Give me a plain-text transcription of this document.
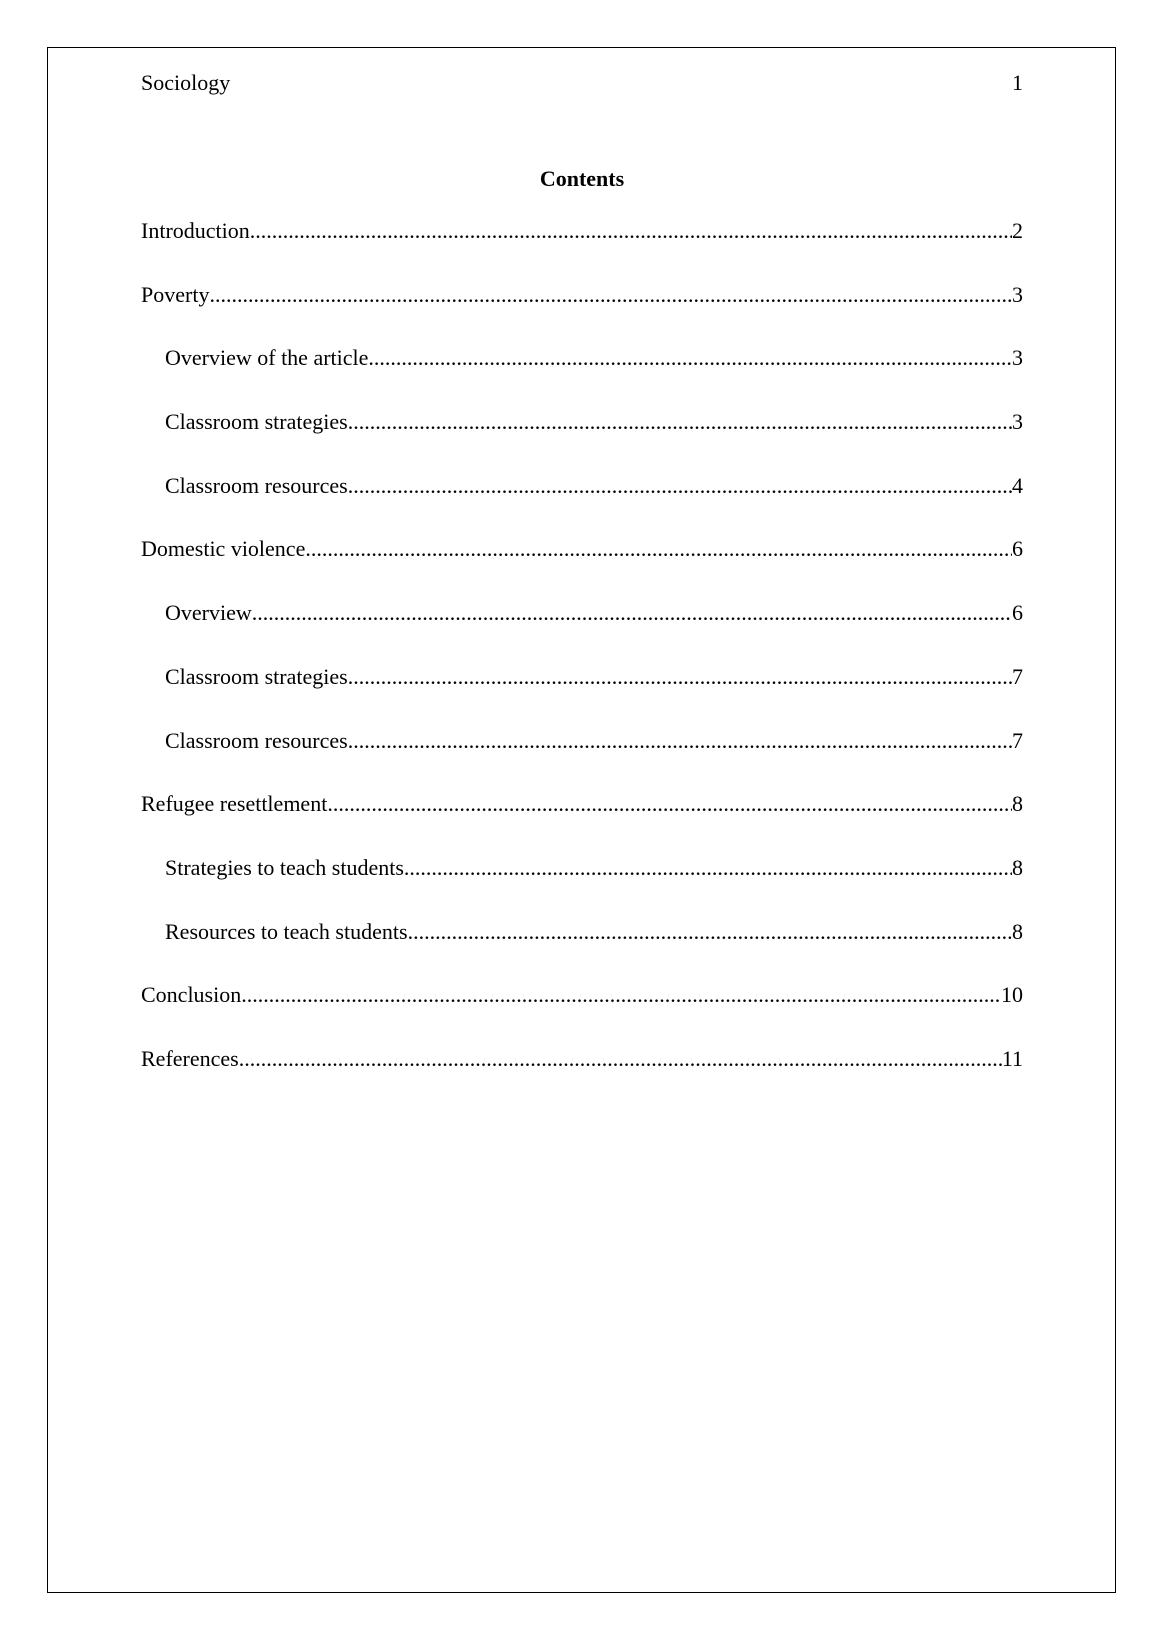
Sociology	1
Contents
Introduction .....	2
Poverty .....	3
Overview of the article .....	3
Classroom strategies .....	3
Classroom resources .....	4
Domestic violence .....	6
Overview .....	6
Classroom strategies .....	7
Classroom resources .....	7
Refugee resettlement .....	8
Strategies to teach students .....	8
Resources to teach students .....	8
Conclusion .....	10
References .....	11
